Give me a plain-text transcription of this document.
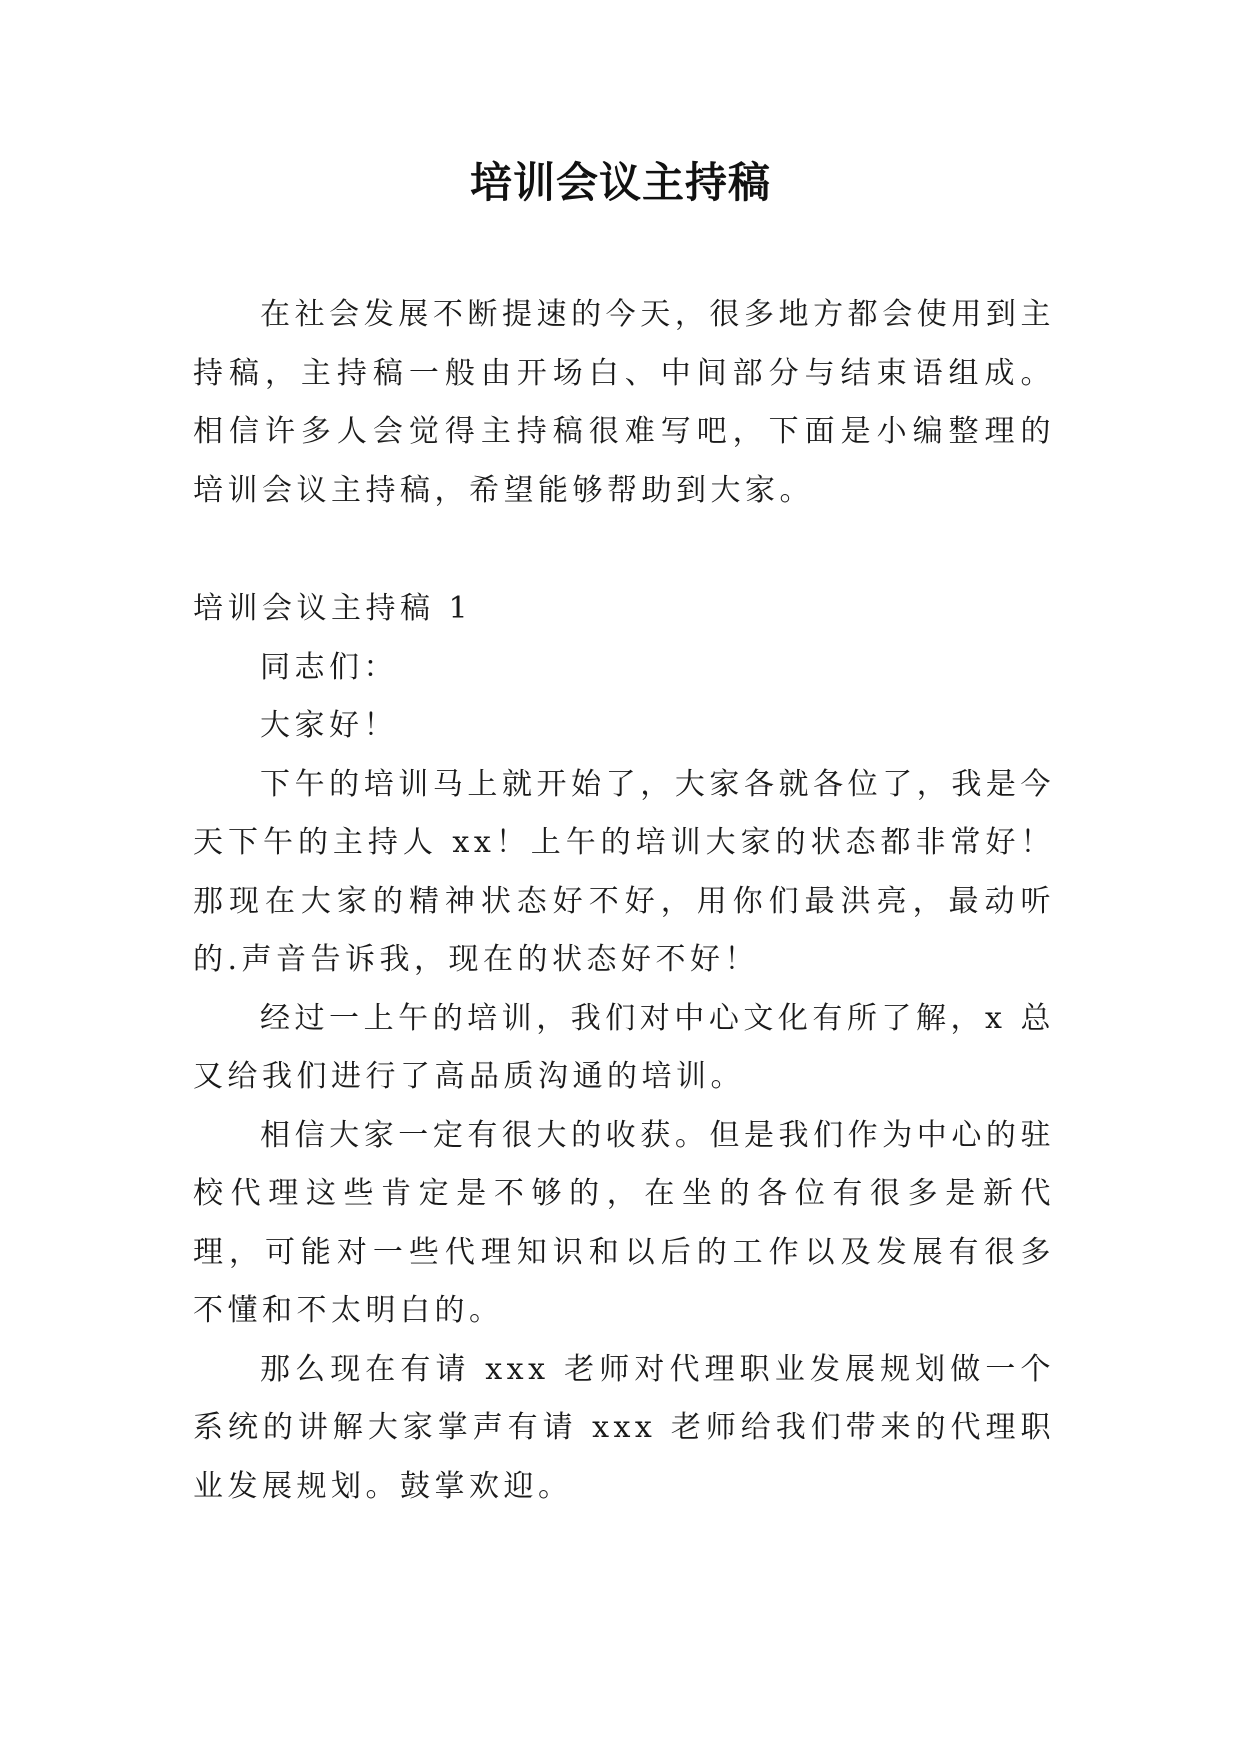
培训会议主持稿

在社会发展不断提速的今天，很多地方都会使用到主持稿，主持稿一般由开场白、中间部分与结束语组成。相信许多人会觉得主持稿很难写吧，下面是小编整理的培训会议主持稿，希望能够帮助到大家。

培训会议主持稿 1

同志们：

大家好！

下午的培训马上就开始了，大家各就各位了，我是今天下午的主持人 xx！上午的培训大家的状态都非常好！那现在大家的精神状态好不好，用你们最洪亮，最动听的.声音告诉我，现在的状态好不好！

经过一上午的培训，我们对中心文化有所了解，x 总又给我们进行了高品质沟通的培训。

相信大家一定有很大的收获。但是我们作为中心的驻校代理这些肯定是不够的，在坐的各位有很多是新代理，可能对一些代理知识和以后的工作以及发展有很多不懂和不太明白的。

那么现在有请 xxx 老师对代理职业发展规划做一个系统的讲解大家掌声有请 xxx 老师给我们带来的代理职业发展规划。鼓掌欢迎。
